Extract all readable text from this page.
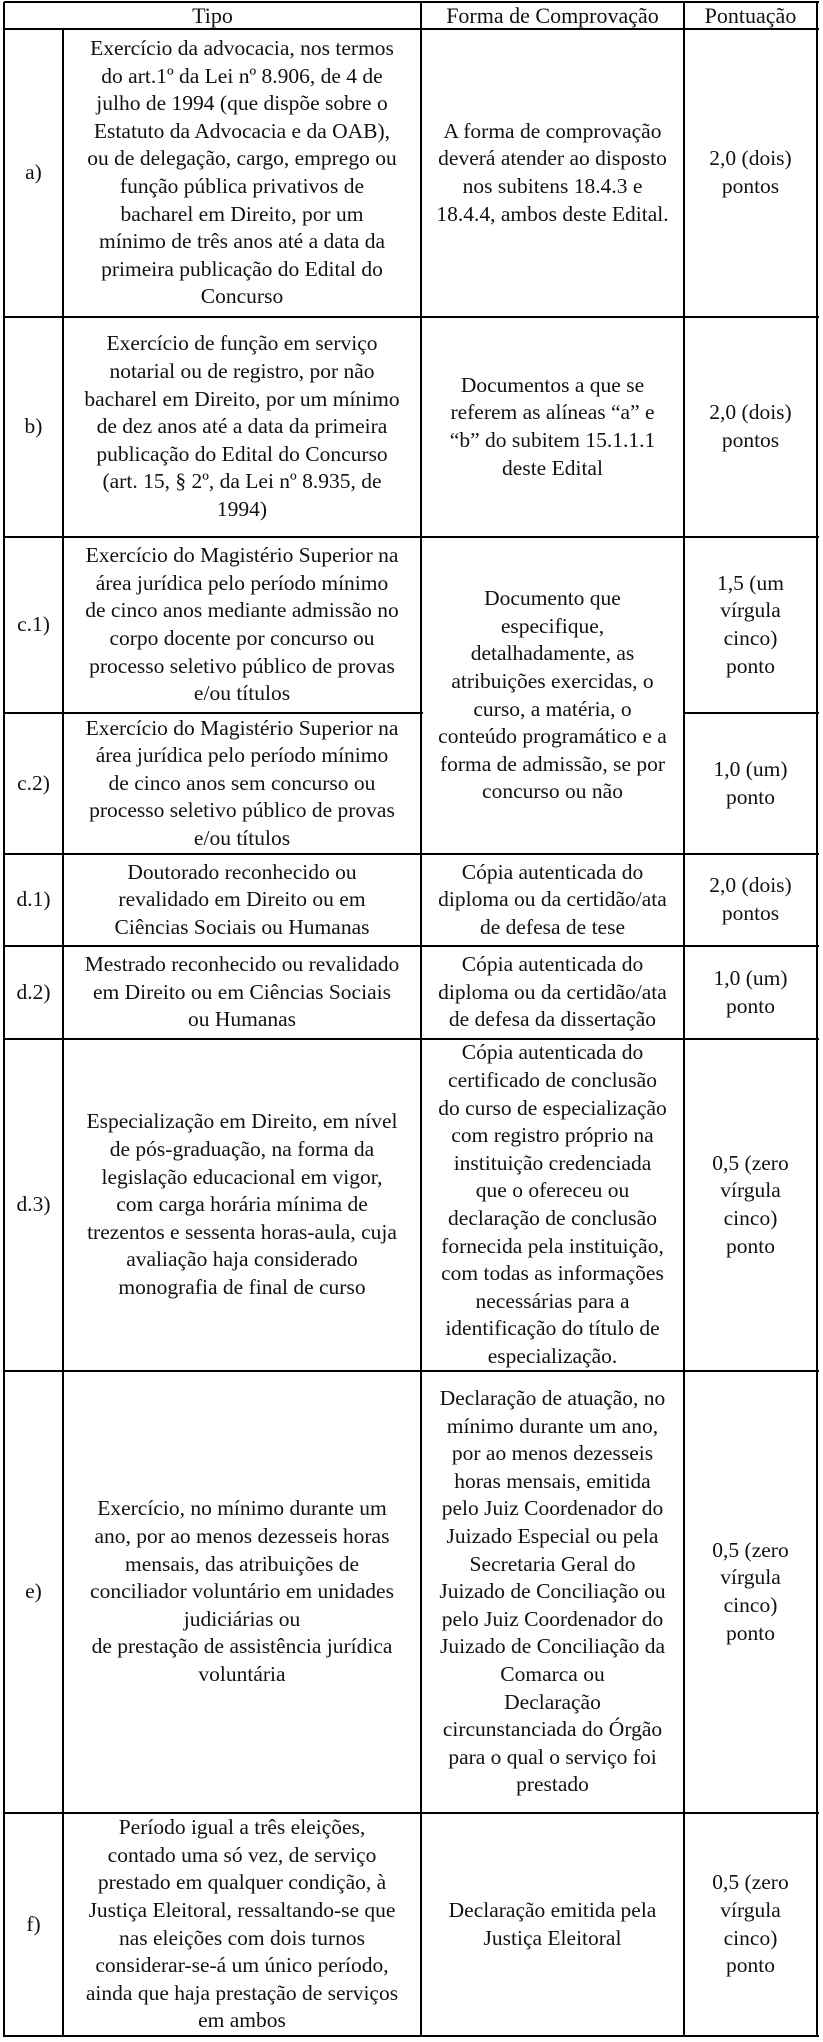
Tipo	Forma de Comprovação Pontuação
a)
Exercício da advocacia, nos termos
do art.1º da Lei nº 8.906, de 4 de
julho de 1994 (que dispõe sobre o
Estatuto da Advocacia e da OAB),
ou de delegação, cargo, emprego ou
função pública privativos de
bacharel em Direito, por um
mínimo de três anos até a data da
primeira publicação do Edital do
Concurso
A forma de comprovação
deverá atender ao disposto
nos subitens 18.4.3 e
18.4.4, ambos deste Edital.
2,0 (dois)
pontos
b)
Exercício de função em serviço
notarial ou de registro, por não
bacharel em Direito, por um mínimo
de dez anos até a data da primeira
publicação do Edital do Concurso
(art. 15, § 2º, da Lei nº 8.935, de
1994)
Documentos a que se
referem as alíneas “a” e
“b” do subitem 15.1.1.1
deste Edital
2,0 (dois)
pontos
c.1)
Exercício do Magistério Superior na
área jurídica pelo período mínimo
de cinco anos mediante admissão no
corpo docente por concurso ou
processo seletivo público de provas
e/ou títulos
1,5 (um
vírgula
cinco)
ponto
c.2)
Exercício do Magistério Superior na
área jurídica pelo período mínimo
de cinco anos sem concurso ou
processo seletivo público de provas
e/ou títulos
1,0 (um)
ponto
d.1)
Doutorado reconhecido ou
revalidado em Direito ou em
Ciências Sociais ou Humanas
Cópia autenticada do
diploma ou da certidão/ata
de defesa de tese
2,0 (dois)
pontos
d.2)
Mestrado reconhecido ou revalidado
em Direito ou em Ciências Sociais
ou Humanas
Cópia autenticada do
diploma ou da certidão/ata
de defesa da dissertação
1,0 (um)
ponto
d.3)
Especialização em Direito, em nível
de pós-graduação, na forma da
legislação educacional em vigor,
com carga horária mínima de
trezentos e sessenta horas-aula, cuja
avaliação haja considerado
monografia de final de curso
Cópia autenticada do
certificado de conclusão
do curso de especialização
com registro próprio na
instituição credenciada
que o ofereceu ou
declaração de conclusão
fornecida pela instituição,
com todas as informações
necessárias para a
identificação do título de
especialização.
0,5 (zero
vírgula
cinco)
ponto
e)
Exercício, no mínimo durante um
ano, por ao menos dezesseis horas
mensais, das atribuições de
conciliador voluntário em unidades
judiciárias ou
de prestação de assistência jurídica
voluntária
Declaração de atuação, no
mínimo durante um ano,
por ao menos dezesseis
horas mensais, emitida
pelo Juiz Coordenador do
Juizado Especial ou pela
Secretaria Geral do
Juizado de Conciliação ou
pelo Juiz Coordenador do
Juizado de Conciliação da
Comarca ou
Declaração
circunstanciada do Órgão
para o qual o serviço foi
prestado
0,5 (zero
vírgula
cinco)
ponto
f)
Período igual a três eleições,
contado uma só vez, de serviço
prestado em qualquer condição, à
Justiça Eleitoral, ressaltando-se que
nas eleições com dois turnos
considerar-se-á um único período,
ainda que haja prestação de serviços
em ambos
Declaração emitida pela
Justiça Eleitoral
0,5 (zero
vírgula
cinco)
ponto
Documento que
especifique,
detalhadamente, as
atribuições exercidas, o
curso, a matéria, o
conteúdo programático e a
forma de admissão, se por
concurso ou não
